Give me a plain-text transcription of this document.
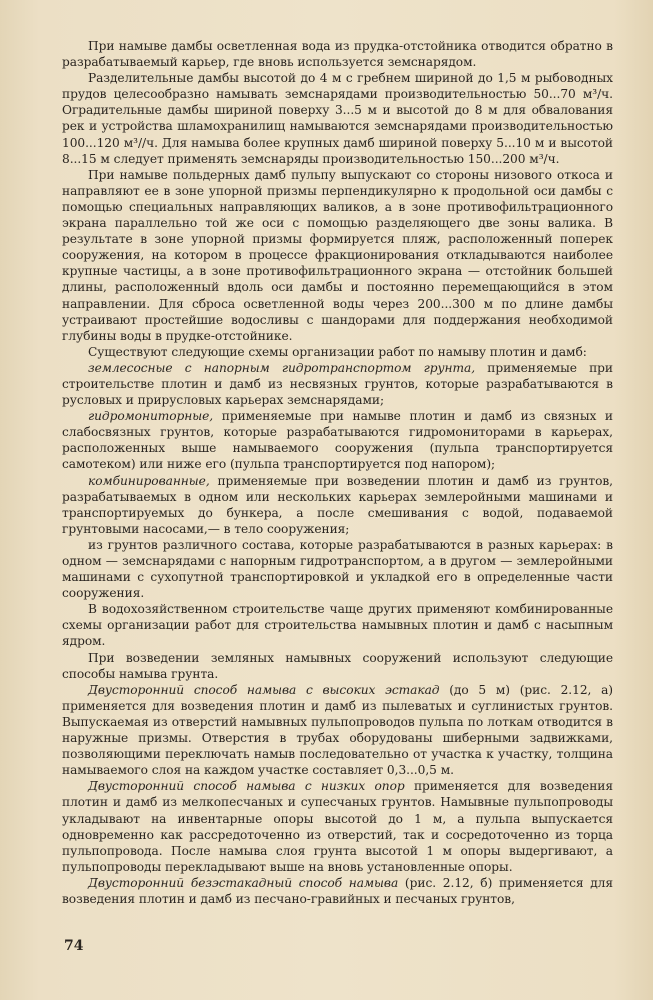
При намыве дамбы осветленная вода из прудка-отстойника отводится обратно в разрабатываемый карьер, где вновь используется земснарядом.

Разделительные дамбы высотой до 4 м с гребнем шириной до 1,5 м рыбоводных прудов целесообразно намывать земснарядами производительностью 50...70 м³/ч. Оградительные дамбы шириной поверху 3...5 м и высотой до 8 м для обвалования рек и устройства шламохранилищ намываются земснарядами производительностью 100...120 м³//ч. Для намыва более крупных дамб шириной поверху 5...10 м и высотой 8...15 м следует применять земснаряды производительностью 150...200 м³/ч.

При намыве польдерных дамб пульпу выпускают со стороны низового откоса и направляют ее в зоне упорной призмы перпендикулярно к продольной оси дамбы с помощью специальных направляющих валиков, а в зоне противофильтрационного экрана параллельно той же оси с помощью разделяющего две зоны валика. В результате в зоне упорной призмы формируется пляж, расположенный поперек сооружения, на котором в процессе фракционирования откладываются наиболее крупные частицы, а в зоне противофильтрационного экрана — отстойник большей длины, расположенный вдоль оси дамбы и постоянно перемещающийся в этом направлении. Для сброса осветленной воды через 200...300 м по длине дамбы устраивают простейшие водосливы с шандорами для поддержания необходимой глубины воды в прудке-отстойнике.

Существуют следующие схемы организации работ по намыву плотин и дамб:

землесосные с напорным гидротранспортом грунта, применяемые при строительстве плотин и дамб из несвязных грунтов, которые разрабатываются в русловых и прирусловых карьерах земснарядами;

гидромониторные, применяемые при намыве плотин и дамб из связных и слабосвязных грунтов, которые разрабатываются гидромониторами в карьерах, расположенных выше намываемого сооружения (пульпа транспортируется самотеком) или ниже его (пульпа транспортируется под напором);

комбинированные, применяемые при возведении плотин и дамб из грунтов, разрабатываемых в одном или нескольких карьерах землеройными машинами и транспортируемых до бункера, а после смешивания с водой, подаваемой грунтовыми насосами,— в тело сооружения;

из грунтов различного состава, которые разрабатываются в разных карьерах: в одном — земснарядами с напорным гидротранспортом, а в другом — землеройными машинами с сухопутной транспортировкой и укладкой его в определенные части сооружения.

В водохозяйственном строительстве чаще других применяют комбинированные схемы организации работ для строительства намывных плотин и дамб с насыпным ядром.

При возведении земляных намывных сооружений используют следующие способы намыва грунта.

Двусторонний способ намыва с высоких эстакад (до 5 м) (рис. 2.12, а) применяется для возведения плотин и дамб из пылеватых и суглинистых грунтов. Выпускаемая из отверстий намывных пульпопроводов пульпа по лоткам отводится в наружные призмы. Отверстия в трубах оборудованы шиберными задвижками, позволяющими переключать намыв последовательно от участка к участку, толщина намываемого слоя на каждом участке составляет 0,3...0,5 м.

Двусторонний способ намыва с низких опор применяется для возведения плотин и дамб из мелкопесчаных и супесчаных грунтов. Намывные пульпопроводы укладывают на инвентарные опоры высотой до 1 м, а пульпа выпускается одновременно как рассредоточенно из отверстий, так и сосредоточенно из торца пульпопровода. После намыва слоя грунта высотой 1 м опоры выдергивают, а пульпопроводы перекладывают выше на вновь установленные опоры.

Двусторонний безэстакадный способ намыва (рис. 2.12, б) применяется для возведения плотин и дамб из песчано-гравийных и песчаных грунтов,

74
